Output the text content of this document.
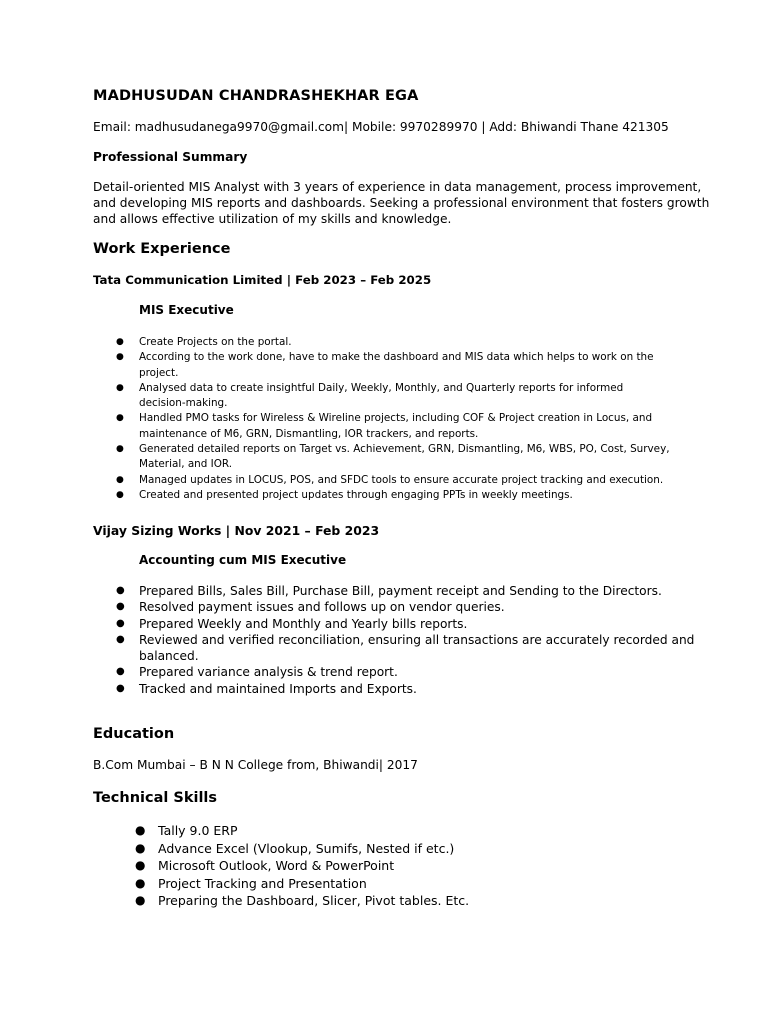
MADHUSUDAN CHANDRASHEKHAR EGA
Email: madhusudanega9970@gmail.com| Mobile: 9970289970 | Add: Bhiwandi Thane 421305
Professional Summary
Detail-oriented MIS Analyst with 3 years of experience in data management, process improvement,
and developing MIS reports and dashboards. Seeking a professional environment that fosters growth
and allows effective utilization of my skills and knowledge.
Work Experience
Tata Communication Limited | Feb 2023 – Feb 2025
MIS Executive
● Create Projects on the portal.
● According to the work done, have to make the dashboard and MIS data which helps to work on the
project.
● Analysed data to create insightful Daily, Weekly, Monthly, and Quarterly reports for informed
decision-making.
● Handled PMO tasks for Wireless & Wireline projects, including COF & Project creation in Locus, and
maintenance of M6, GRN, Dismantling, IOR trackers, and reports.
● Generated detailed reports on Target vs. Achievement, GRN, Dismantling, M6, WBS, PO, Cost, Survey,
Material, and IOR.
● Managed updates in LOCUS, POS, and SFDC tools to ensure accurate project tracking and execution.
● Created and presented project updates through engaging PPTs in weekly meetings.
Vijay Sizing Works | Nov 2021 – Feb 2023
Accounting cum MIS Executive
● Prepared Bills, Sales Bill, Purchase Bill, payment receipt and Sending to the Directors.
● Resolved payment issues and follows up on vendor queries.
● Prepared Weekly and Monthly and Yearly bills reports.
● Reviewed and verified reconciliation, ensuring all transactions are accurately recorded and
balanced.
● Prepared variance analysis & trend report.
● Tracked and maintained Imports and Exports.
Education
B.Com Mumbai – B N N College from, Bhiwandi| 2017
Technical Skills
● Tally 9.0 ERP
● Advance Excel (Vlookup, Sumifs, Nested if etc.)
● Microsoft Outlook, Word & PowerPoint
● Project Tracking and Presentation
● Preparing the Dashboard, Slicer, Pivot tables. Etc.
